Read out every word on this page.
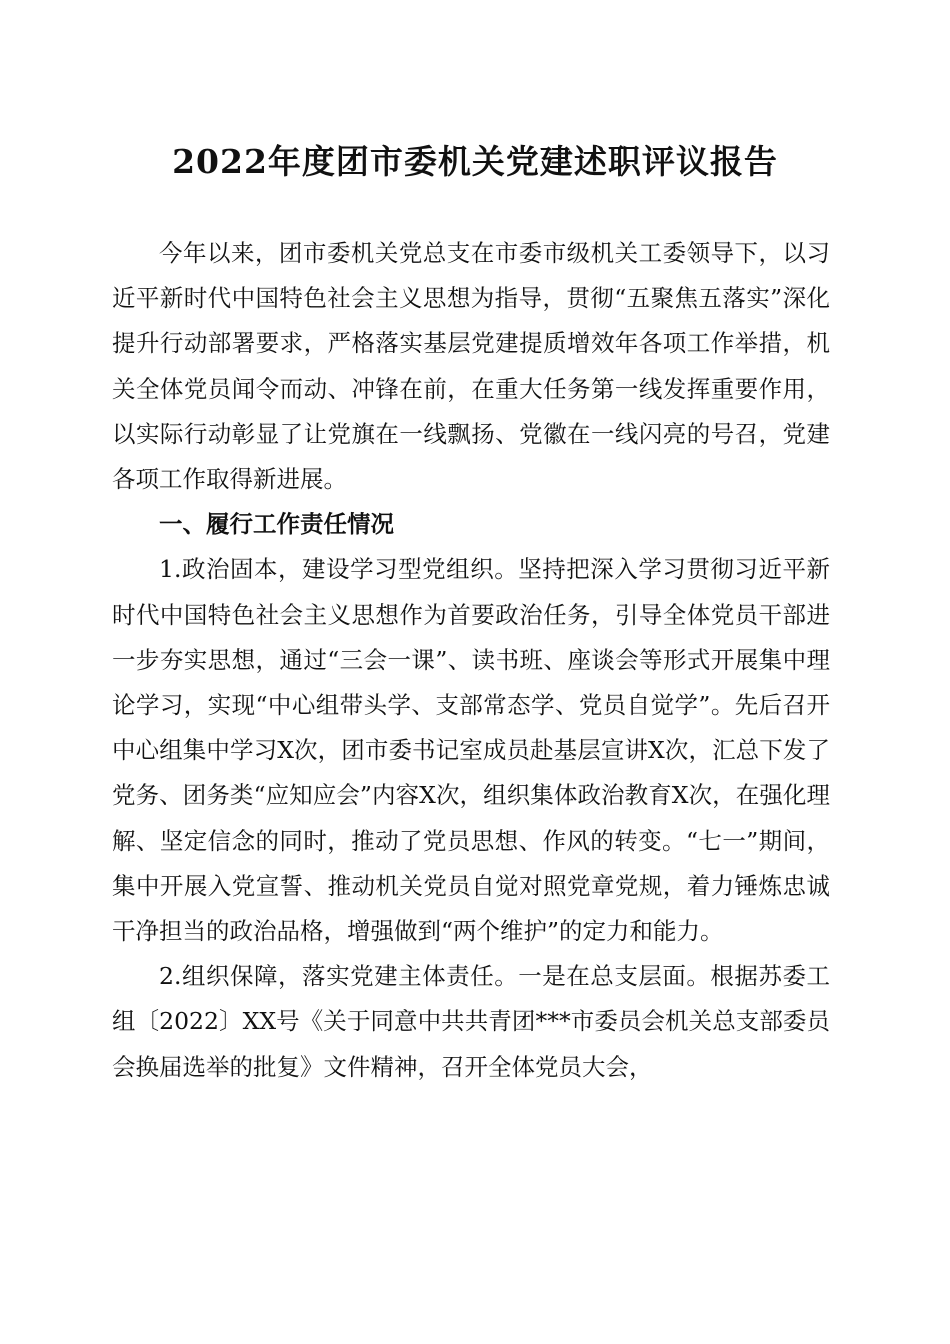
2022年度团市委机关党建述职评议报告

今年以来，团市委机关党总支在市委市级机关工委领导下，以习近平新时代中国特色社会主义思想为指导，贯彻“五聚焦五落实”深化提升行动部署要求，严格落实基层党建提质增效年各项工作举措，机关全体党员闻令而动、冲锋在前，在重大任务第一线发挥重要作用，以实际行动彰显了让党旗在一线飘扬、党徽在一线闪亮的号召，党建各项工作取得新进展。

一、履行工作责任情况

1.政治固本，建设学习型党组织。坚持把深入学习贯彻习近平新时代中国特色社会主义思想作为首要政治任务，引导全体党员干部进一步夯实思想，通过“三会一课”、读书班、座谈会等形式开展集中理论学习，实现“中心组带头学、支部常态学、党员自觉学”。先后召开中心组集中学习X次，团市委书记室成员赴基层宣讲X次，汇总下发了党务、团务类“应知应会”内容X次，组织集体政治教育X次，在强化理解、坚定信念的同时，推动了党员思想、作风的转变。“七一”期间，集中开展入党宣誓、推动机关党员自觉对照党章党规，着力锤炼忠诚干净担当的政治品格，增强做到“两个维护”的定力和能力。

2.组织保障，落实党建主体责任。一是在总支层面。根据苏委工组〔2022〕XX号《关于同意中共共青团***市委员会机关总支部委员会换届选举的批复》文件精神，召开全体党员大会，
